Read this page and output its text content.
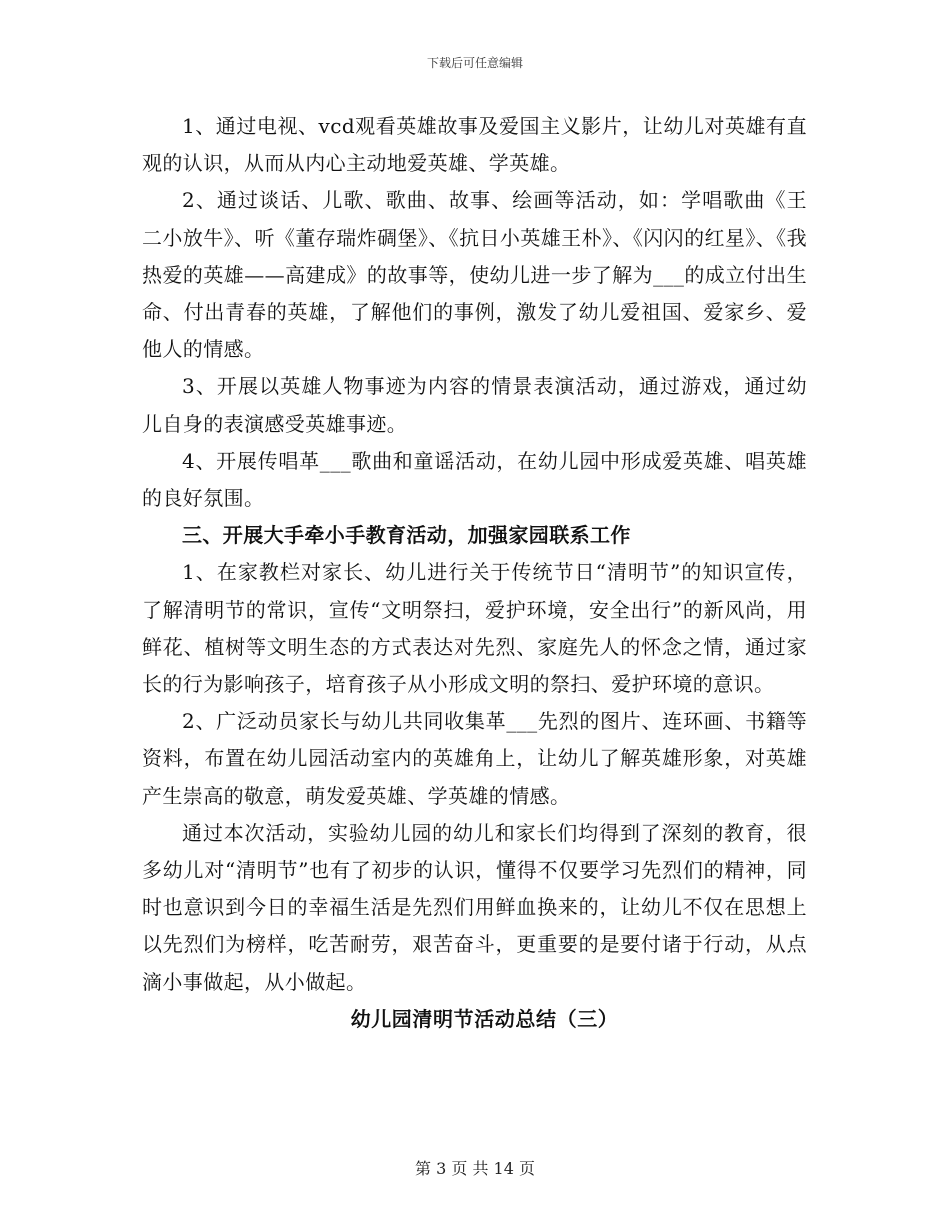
下载后可任意编辑

1、通过电视、vcd观看英雄故事及爱国主义影片，让幼儿对英雄有直观的认识，从而从内心主动地爱英雄、学英雄。

2、通过谈话、儿歌、歌曲、故事、绘画等活动，如：学唱歌曲《王二小放牛》、听《董存瑞炸碉堡》、《抗日小英雄王朴》、《闪闪的红星》、《我热爱的英雄——高建成》的故事等，使幼儿进一步了解为___的成立付出生命、付出青春的英雄，了解他们的事例，激发了幼儿爱祖国、爱家乡、爱他人的情感。

3、开展以英雄人物事迹为内容的情景表演活动，通过游戏，通过幼儿自身的表演感受英雄事迹。

4、开展传唱革___歌曲和童谣活动，在幼儿园中形成爱英雄、唱英雄的良好氛围。

三、开展大手牵小手教育活动，加强家园联系工作

1、在家教栏对家长、幼儿进行关于传统节日“清明节”的知识宣传，了解清明节的常识，宣传“文明祭扫，爱护环境，安全出行”的新风尚，用鲜花、植树等文明生态的方式表达对先烈、家庭先人的怀念之情，通过家长的行为影响孩子，培育孩子从小形成文明的祭扫、爱护环境的意识。

2、广泛动员家长与幼儿共同收集革___先烈的图片、连环画、书籍等资料，布置在幼儿园活动室内的英雄角上，让幼儿了解英雄形象，对英雄产生崇高的敬意，萌发爱英雄、学英雄的情感。

通过本次活动，实验幼儿园的幼儿和家长们均得到了深刻的教育，很多幼儿对“清明节”也有了初步的认识，懂得不仅要学习先烈们的精神，同时也意识到今日的幸福生活是先烈们用鲜血换来的，让幼儿不仅在思想上以先烈们为榜样，吃苦耐劳，艰苦奋斗，更重要的是要付诸于行动，从点滴小事做起，从小做起。

幼儿园清明节活动总结（三）

第 3 页 共 14 页
